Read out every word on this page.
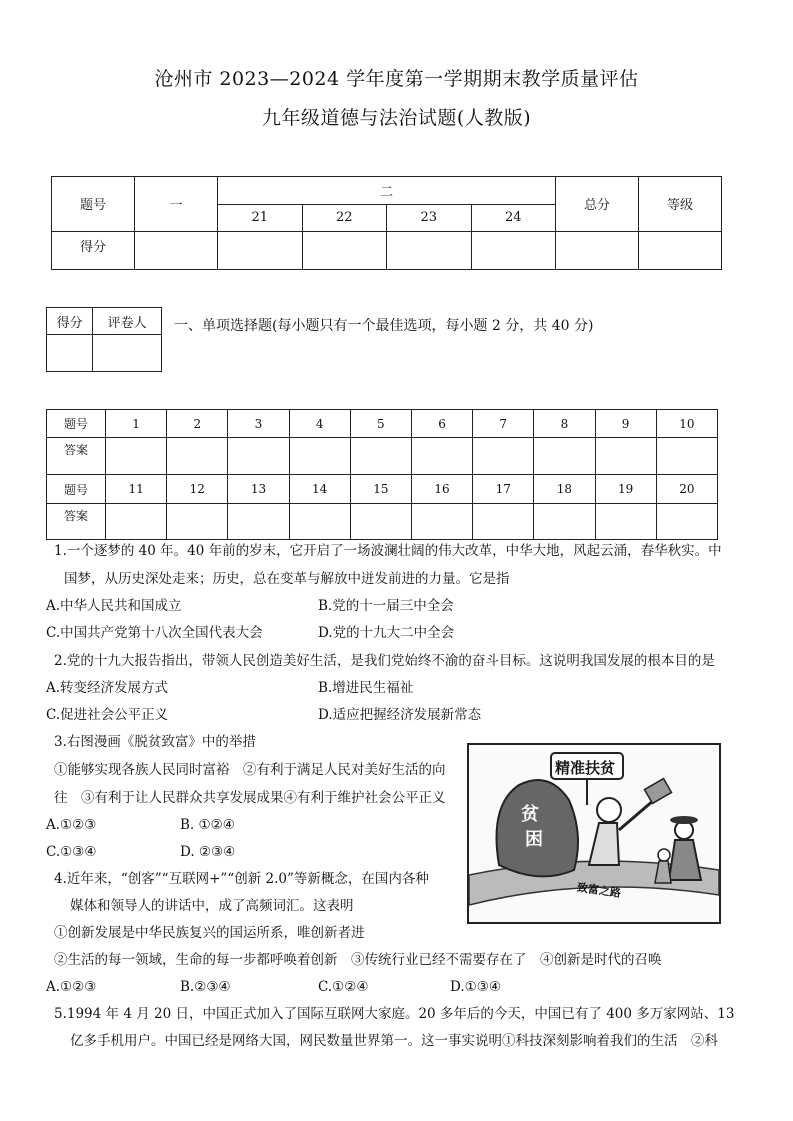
沧州市 2023—2024 学年度第一学期期末教学质量评估
九年级道德与法治试题(人教版)
题号	一	二				总分	等级
		21	22	23	24		
得分							
得分	评卷人
	一、单项选择题(每小题只有一个最佳选项，每小题 2 分，共 40 分)
题号	1	2	3	4	5	6	7	8	9	10
答案										
题号	11	12	13	14	15	16	17	18	19	20
答案										
1.一个逐梦的 40 年。40 年前的岁末，它开启了一场波澜壮阔的伟大改革，中华大地，风起云涌，春华秋实。中
国梦，从历史深处走来；历史，总在变革与解放中迸发前进的力量。它是指
A.中华人民共和国成立	B.党的十一届三中全会
C.中国共产党第十八次全国代表大会	D.党的十九大二中全会
2.党的十九大报告指出，带领人民创造美好生活，是我们党始终不渝的奋斗目标。这说明我国发展的根本目的是
A.转变经济发展方式	B.增进民生福祉
C.促进社会公平正义	D.适应把握经济发展新常态
3.右图漫画《脱贫致富》中的举措
①能够实现各族人民同时富裕　②有利于满足人民对美好生活的向
往　③有利于让人民群众共享发展成果④有利于维护社会公平正义
A.①②③	B. ①②④
C.①③④	D. ②③④
精准扶贫
贫
困
致富之路
4.近年来，“创客”“互联网+”“创新 2.0”等新概念，在国内各种
媒体和领导人的讲话中，成了高频词汇。这表明
①创新发展是中华民族复兴的国运所系，唯创新者进
②生活的每一领域，生命的每一步都呼唤着创新　③传统行业已经不需要存在了　④创新是时代的召唤
A.①②③	B.②③④	C.①②④	D.①③④
5.1994 年 4 月 20 日，中国正式加入了国际互联网大家庭。20 多年后的今天，中国已有了 400 多万家网站、13
亿多手机用户。中国已经是网络大国，网民数量世界第一。这一事实说明①科技深刻影响着我们的生活　②科
